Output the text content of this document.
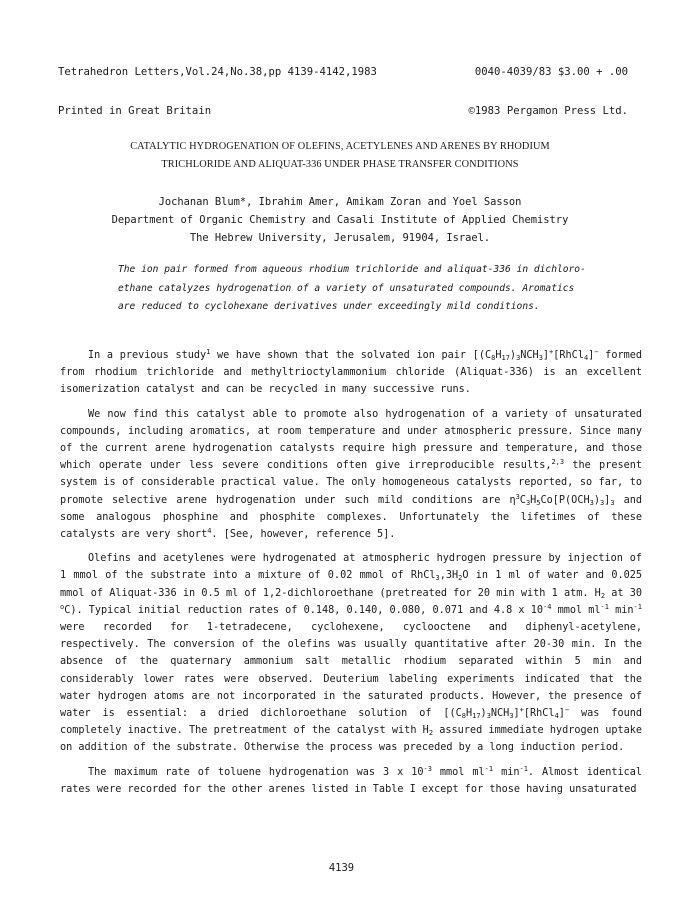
Tetrahedron Letters,Vol.24,No.38,pp 4139-4142,1983	0040-4039/83 $3.00 + .00

Printed in Great Britain	©1983 Pergamon Press Ltd.

CATALYTIC HYDROGENATION OF OLEFINS, ACETYLENES AND ARENES BY RHODIUM
TRICHLORIDE AND ALIQUAT-336 UNDER PHASE TRANSFER CONDITIONS
Jochanan Blum*, Ibrahim Amer, Amikam Zoran and Yoel Sasson
Department of Organic Chemistry and Casali Institute of Applied Chemistry
The Hebrew University, Jerusalem, 91904, Israel.
The ion pair formed from aqueous rhodium trichloride and aliquat-336 in dichloro-
ethane catalyzes hydrogenation of a variety of unsaturated compounds. Aromatics
are reduced to cyclohexane derivatives under exceedingly mild conditions.

In a previous study$^1$ we have shown that the solvated ion pair $[(C_8H_{17})_3NCH_3]^+[RhCl_4]^-$ formed from rhodium trichloride and methyltrioctylammonium chloride (Aliquat-336) is an excellent isomerization catalyst and can be recycled in many successive runs.

We now find this catalyst able to promote also hydrogenation of a variety of unsaturated compounds, including aromatics, at room temperature and under atmospheric pressure. Since many of the current arene hydrogenation catalysts require high pressure and temperature, and those which operate under less severe conditions often give irreproducible results,$^{2,3}$ the present system is of considerable practical value. The only homogeneous catalysts reported, so far, to promote selective arene hydrogenation under such mild conditions are $\eta^3C_3H_5Co[P(OCH_3)_3]_3$ and some analogous phosphine and phosphite complexes. Unfortunately the lifetimes of these catalysts are very short$^4$. [See, however, reference 5].

Olefins and acetylenes were hydrogenated at atmospheric hydrogen pressure by injection of 1 mmol of the substrate into a mixture of 0.02 mmol of $RhCl_3,3H_2O$ in 1 ml of water and 0.025 mmol of Aliquat-336 in 0.5 ml of 1,2-dichloroethane (pretreated for 20 min with 1 atm. $H_2$ at 30 $^o$C). Typical initial reduction rates of 0.148, 0.140, 0.080, 0.071 and 4.8 x $10^{-4}$ mmol $ml^{-1}$ $\min^{-1}$ were recorded for 1-tetradecene, cyclohexene, cyclooctene and diphenyl-acetylene, respectively. The conversion of the olefins was usually quantitative after 20-30 min. In the absence of the quaternary ammonium salt metallic rhodium separated within 5 min and considerably lower rates were observed. Deuterium labeling experiments indicated that the water hydrogen atoms are not incorporated in the saturated products. However, the presence of water is essential: a dried dichloroethane solution of $[(C_8H_{17})_3NCH_3]^+[RhCl_4]^-$ was found completely inactive. The pretreatment of the catalyst with $H_2$ assured immediate hydrogen uptake on addition of the substrate. Otherwise the process was preceded by a long induction period.

The maximum rate of toluene hydrogenation was 3 x $10^{-3}$ mmol $ml^{-1}$ $\min^{-1}$. Almost identical rates were recorded for the other arenes listed in Table I except for those having unsaturated

4139
